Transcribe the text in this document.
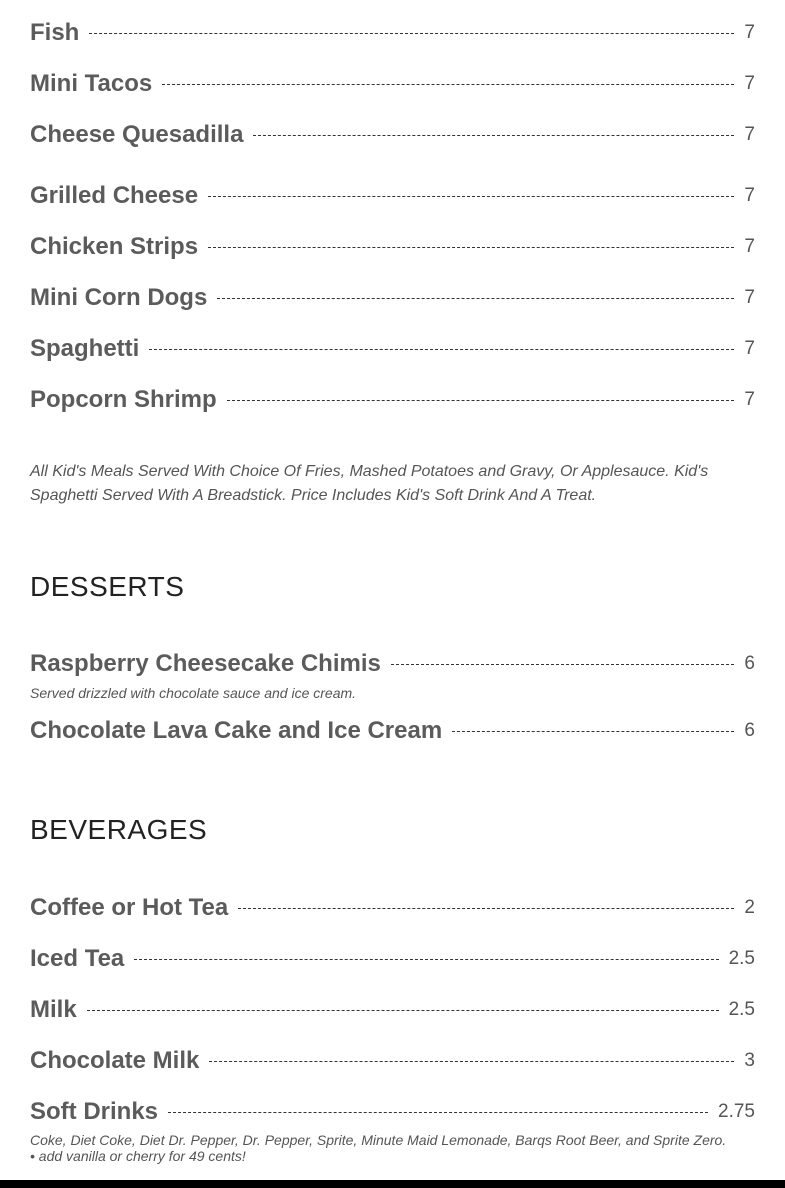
Fish	7
Mini Tacos	7
Cheese Quesadilla	7
Grilled Cheese	7
Chicken Strips	7
Mini Corn Dogs	7
Spaghetti	7
Popcorn Shrimp	7
All Kid's Meals Served With Choice Of Fries, Mashed Potatoes and Gravy, Or Applesauce. Kid's Spaghetti Served With A Breadstick. Price Includes Kid's Soft Drink And A Treat.
DESSERTS
Raspberry Cheesecake Chimis	6
Served drizzled with chocolate sauce and ice cream.
Chocolate Lava Cake and Ice Cream	6
BEVERAGES
Coffee or Hot Tea	2
Iced Tea	2.5
Milk	2.5
Chocolate Milk	3
Soft Drinks	2.75
Coke, Diet Coke, Diet Dr. Pepper, Dr. Pepper, Sprite, Minute Maid Lemonade, Barqs Root Beer, and Sprite Zero.
• add vanilla or cherry for 49 cents!
